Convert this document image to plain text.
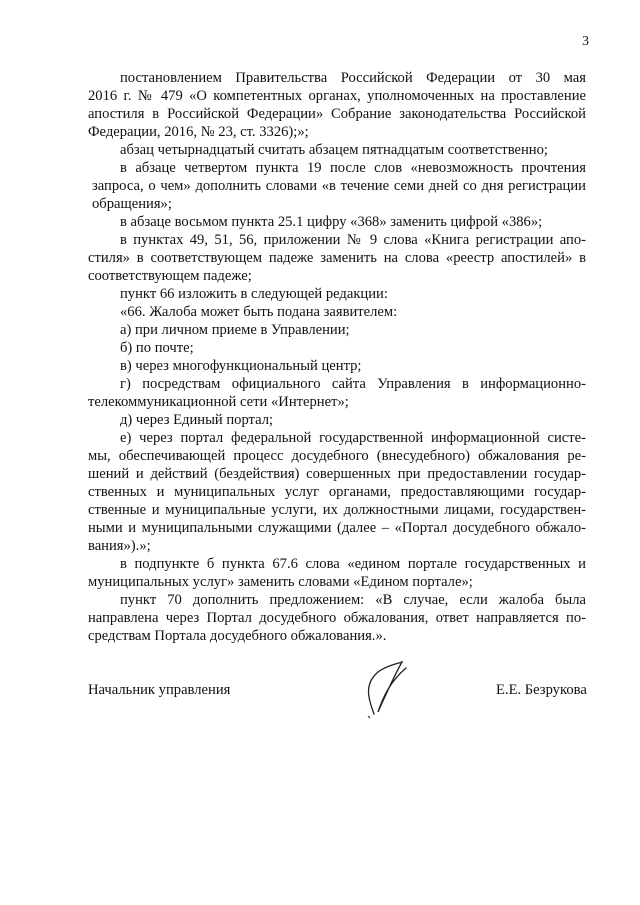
3
постановлением Правительства Российской Федерации от 30 мая
2016 г. № 479 «О компетентных органах, уполномоченных на проставление
апостиля в Российской Федерации» Собрание законодательства Российской
Федерации, 2016, № 23, ст. 3326);»;
абзац четырнадцатый считать абзацем пятнадцатым соответственно;
в абзаце четвертом пункта 19 после слов «невозможность прочтения
запроса, о чем» дополнить словами «в течение семи дней со дня регистрации
обращения»;
в абзаце восьмом пункта 25.1 цифру «368» заменить цифрой «386»;
в пунктах 49, 51, 56, приложении № 9 слова «Книга регистрации апо-
стиля» в соответствующем падеже заменить на слова «реестр апостилей» в
соответствующем падеже;
пункт 66 изложить в следующей редакции:
«66. Жалоба может быть подана заявителем:
а) при личном приеме в Управлении;
б) по почте;
в) через многофункциональный центр;
г) посредствам официального сайта Управления в информационно-
телекоммуникационной сети «Интернет»;
д) через Единый портал;
е) через портал федеральной государственной информационной систе-
мы, обеспечивающей процесс досудебного (внесудебного) обжалования ре-
шений и действий (бездействия) совершенных при предоставлении государ-
ственных и муниципальных услуг органами, предоставляющими государ-
ственные и муниципальные услуги, их должностными лицами, государствен-
ными и муниципальными служащими (далее – «Портал досудебного обжало-
вания»).»;
в подпункте б пункта 67.6 слова «едином портале государственных и
муниципальных услуг» заменить словами «Едином портале»;
пункт 70 дополнить предложением: «В случае, если жалоба была
направлена через Портал досудебного обжалования, ответ направляется по-
средствам Портала досудебного обжалования.».
Начальник управления	Е.Е. Безрукова
